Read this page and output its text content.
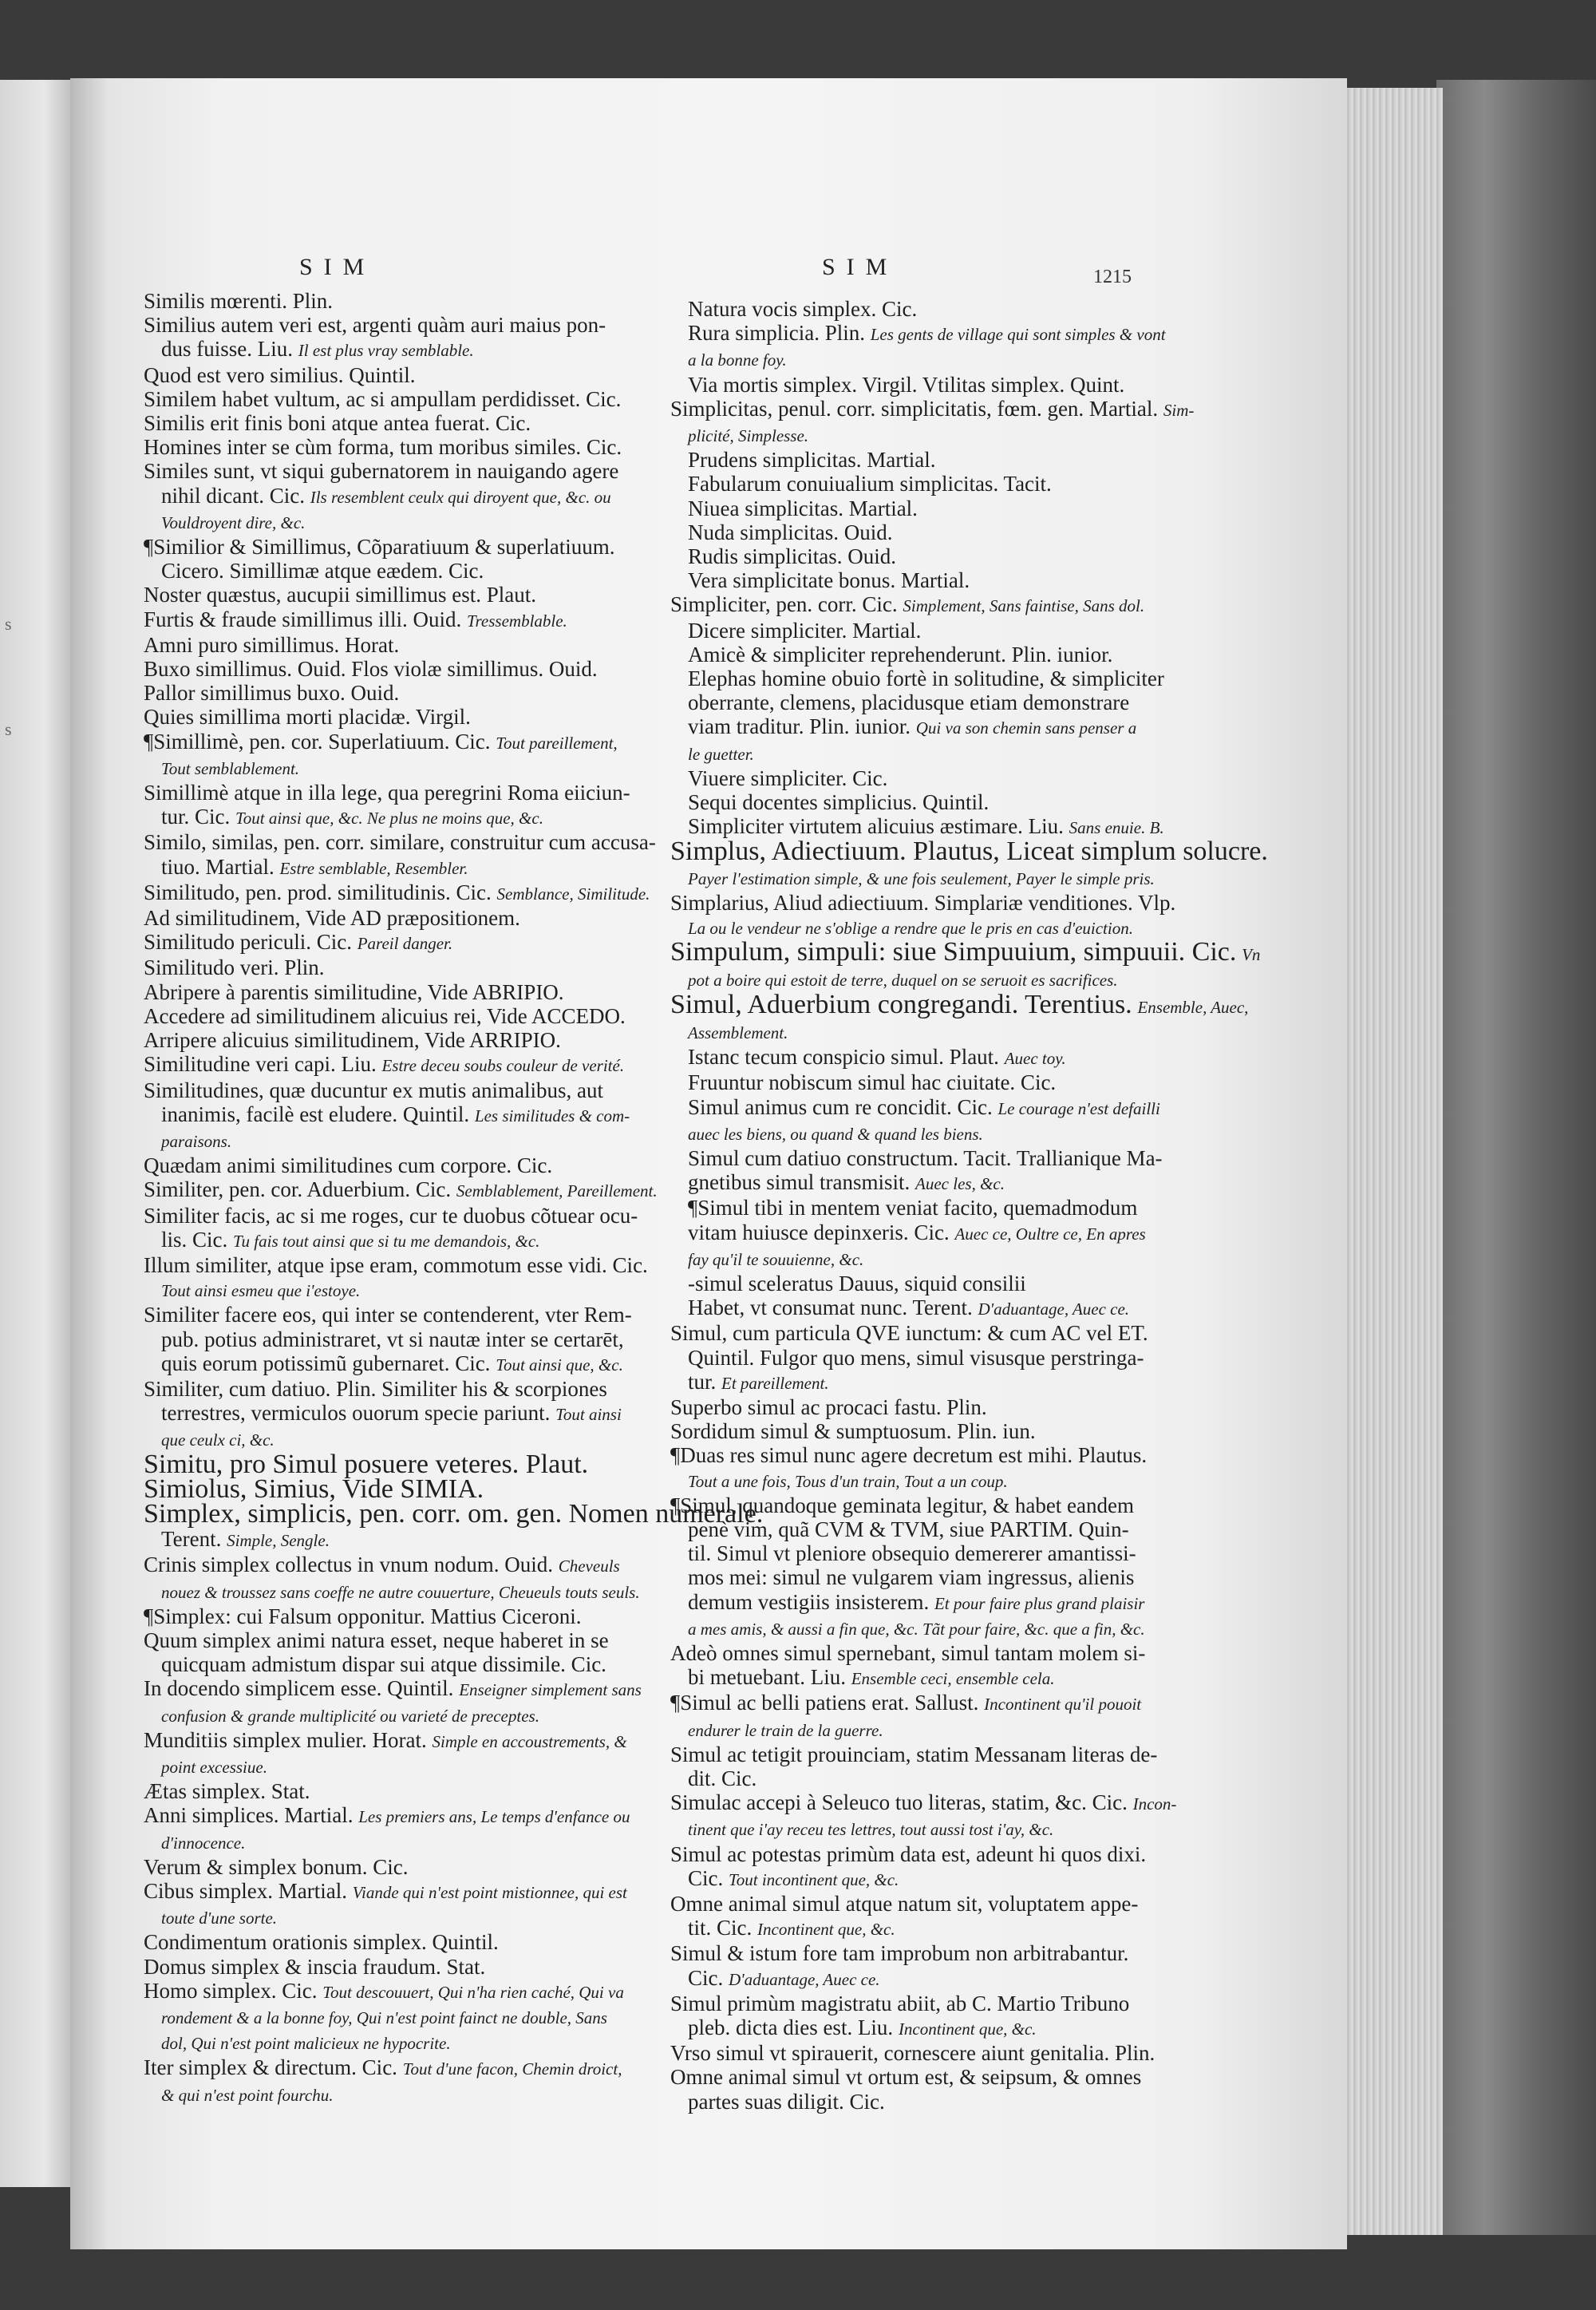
s

s
SIM	SIM	1215
Similis mœrenti. Plin.
Similius autem veri est, argenti quàm auri maius pon-
dus fuisse. Liu. Il est plus vray semblable.
Quod est vero similius. Quintil.
Similem habet vultum, ac si ampullam perdidisset. Cic.
Similis erit finis boni atque antea fuerat. Cic.
Homines inter se cùm forma, tum moribus similes. Cic.
Similes sunt, vt siqui gubernatorem in nauigando agere
nihil dicant. Cic. Ils resemblent ceulx qui diroyent que, &c. ou
Vouldroyent dire, &c.
¶Similior & Simillimus, Cõparatiuum & superlatiuum.
Cicero. Simillimæ atque eædem. Cic.
Noster quæstus, aucupii simillimus est. Plaut.
Furtis & fraude simillimus illi. Ouid. Tressemblable.
Amni puro simillimus. Horat.
Buxo simillimus. Ouid. Flos violæ simillimus. Ouid.
Pallor simillimus buxo. Ouid.
Quies simillima morti placidæ. Virgil.
¶Simillimè, pen. cor. Superlatiuum. Cic. Tout pareillement,
Tout semblablement.
Simillimè atque in illa lege, qua peregrini Roma eiiciun-
tur. Cic. Tout ainsi que, &c. Ne plus ne moins que, &c.
Similo, similas, pen. corr. similare, construitur cum accusa-
tiuo. Martial. Estre semblable, Resembler.
Similitudo, pen. prod. similitudinis. Cic. Semblance, Similitude.
Ad similitudinem, Vide AD præpositionem.
Similitudo periculi. Cic. Pareil danger.
Similitudo veri. Plin.
Abripere à parentis similitudine, Vide ABRIPIO.
Accedere ad similitudinem alicuius rei, Vide ACCEDO.
Arripere alicuius similitudinem, Vide ARRIPIO.
Similitudine veri capi. Liu. Estre deceu soubs couleur de verité.
Similitudines, quæ ducuntur ex mutis animalibus, aut
inanimis, facilè est eludere. Quintil. Les similitudes & com-
paraisons.
Quædam animi similitudines cum corpore. Cic.
Similiter, pen. cor. Aduerbium. Cic. Semblablement, Pareillement.
Similiter facis, ac si me roges, cur te duobus cõtuear ocu-
lis. Cic. Tu fais tout ainsi que si tu me demandois, &c.
Illum similiter, atque ipse eram, commotum esse vidi. Cic.
Tout ainsi esmeu que i'estoye.
Similiter facere eos, qui inter se contenderent, vter Rem-
pub. potius administraret, vt si nautæ inter se certarēt,
quis eorum potissimũ gubernaret. Cic. Tout ainsi que, &c.
Similiter, cum datiuo. Plin. Similiter his & scorpiones
terrestres, vermiculos ouorum specie pariunt. Tout ainsi
que ceulx ci, &c.
Simitu, pro Simul posuere veteres. Plaut.
Simiolus, Simius, Vide SIMIA.
Simplex, simplicis, pen. corr. om. gen. Nomen numerale.
Terent. Simple, Sengle.
Crinis simplex collectus in vnum nodum. Ouid. Cheveuls
nouez & troussez sans coeffe ne autre couuerture, Cheueuls touts seuls.
¶Simplex: cui Falsum opponitur. Mattius Ciceroni.
Quum simplex animi natura esset, neque haberet in se
quicquam admistum dispar sui atque dissimile. Cic.
In docendo simplicem esse. Quintil. Enseigner simplement sans
confusion & grande multiplicité ou varieté de preceptes.
Munditiis simplex mulier. Horat. Simple en accoustrements, &
point excessiue.
Ætas simplex. Stat.
Anni simplices. Martial. Les premiers ans, Le temps d'enfance ou
d'innocence.
Verum & simplex bonum. Cic.
Cibus simplex. Martial. Viande qui n'est point mistionnee, qui est
toute d'une sorte.
Condimentum orationis simplex. Quintil.
Domus simplex & inscia fraudum. Stat.
Homo simplex. Cic. Tout descouuert, Qui n'ha rien caché, Qui va
rondement & a la bonne foy, Qui n'est point fainct ne double, Sans
dol, Qui n'est point malicieux ne hypocrite.
Iter simplex & directum. Cic. Tout d'une facon, Chemin droict,
& qui n'est point fourchu.
Natura vocis simplex. Cic.
Rura simplicia. Plin. Les gents de village qui sont simples & vont
a la bonne foy.
Via mortis simplex. Virgil. Vtilitas simplex. Quint.
Simplicitas, penul. corr. simplicitatis, fœm. gen. Martial. Sim-
plicité, Simplesse.
Prudens simplicitas. Martial.
Fabularum conuiualium simplicitas. Tacit.
Niuea simplicitas. Martial.
Nuda simplicitas. Ouid.
Rudis simplicitas. Ouid.
Vera simplicitate bonus. Martial.
Simpliciter, pen. corr. Cic. Simplement, Sans faintise, Sans dol.
Dicere simpliciter. Martial.
Amicè & simpliciter reprehenderunt. Plin. iunior.
Elephas homine obuio fortè in solitudine, & simpliciter
oberrante, clemens, placidusque etiam demonstrare
viam traditur. Plin. iunior. Qui va son chemin sans penser a
le guetter.
Viuere simpliciter. Cic.
Sequi docentes simplicius. Quintil.
Simpliciter virtutem alicuius æstimare. Liu. Sans enuie. B.
Simplus, Adiectiuum. Plautus, Liceat simplum solucre.
Payer l'estimation simple, & une fois seulement, Payer le simple pris.
Simplarius, Aliud adiectiuum. Simplariæ venditiones. Vlp.
La ou le vendeur ne s'oblige a rendre que le pris en cas d'euiction.
Simpulum, simpuli: siue Simpuuium, simpuuii. Cic. Vn
pot a boire qui estoit de terre, duquel on se seruoit es sacrifices.
Simul, Aduerbium congregandi. Terentius. Ensemble, Auec,
Assemblement.
Istanc tecum conspicio simul. Plaut. Auec toy.
Fruuntur nobiscum simul hac ciuitate. Cic.
Simul animus cum re concidit. Cic. Le courage n'est defailli
auec les biens, ou quand & quand les biens.
Simul cum datiuo constructum. Tacit. Trallianique Ma-
gnetibus simul transmisit. Auec les, &c.
¶Simul tibi in mentem veniat facito, quemadmodum
vitam huiusce depinxeris. Cic. Auec ce, Oultre ce, En apres
fay qu'il te souuienne, &c.
-simul sceleratus Dauus, siquid consilii
Habet, vt consumat nunc. Terent. D'aduantage, Auec ce.
Simul, cum particula QVE iunctum: & cum AC vel ET.
Quintil. Fulgor quo mens, simul visusque perstringa-
tur. Et pareillement.
Superbo simul ac procaci fastu. Plin.
Sordidum simul & sumptuosum. Plin. iun.
¶Duas res simul nunc agere decretum est mihi. Plautus.
Tout a une fois, Tous d'un train, Tout a un coup.
¶Simul, quandoque geminata legitur, & habet eandem
penè vim, quã CVM & TVM, siue PARTIM. Quin-
til. Simul vt pleniore obsequio demererer amantissi-
mos mei: simul ne vulgarem viam ingressus, alienis
demum vestigiis insisterem. Et pour faire plus grand plaisir
a mes amis, & aussi a fin que, &c. Tãt pour faire, &c. que a fin, &c.
Adeò omnes simul spernebant, simul tantam molem si-
bi metuebant. Liu. Ensemble ceci, ensemble cela.
¶Simul ac belli patiens erat. Sallust. Incontinent qu'il pouoit
endurer le train de la guerre.
Simul ac tetigit prouinciam, statim Messanam literas de-
dit. Cic.
Simulac accepi à Seleuco tuo literas, statim, &c. Cic. Incon-
tinent que i'ay receu tes lettres, tout aussi tost i'ay, &c.
Simul ac potestas primùm data est, adeunt hi quos dixi.
Cic. Tout incontinent que, &c.
Omne animal simul atque natum sit, voluptatem appe-
tit. Cic. Incontinent que, &c.
Simul & istum fore tam improbum non arbitrabantur.
Cic. D'aduantage, Auec ce.
Simul primùm magistratu abiit, ab C. Martio Tribuno
pleb. dicta dies est. Liu. Incontinent que, &c.
Vrso simul vt spirauerit, cornescere aiunt genitalia. Plin.
Omne animal simul vt ortum est, & seipsum, & omnes
partes suas diligit. Cic.
